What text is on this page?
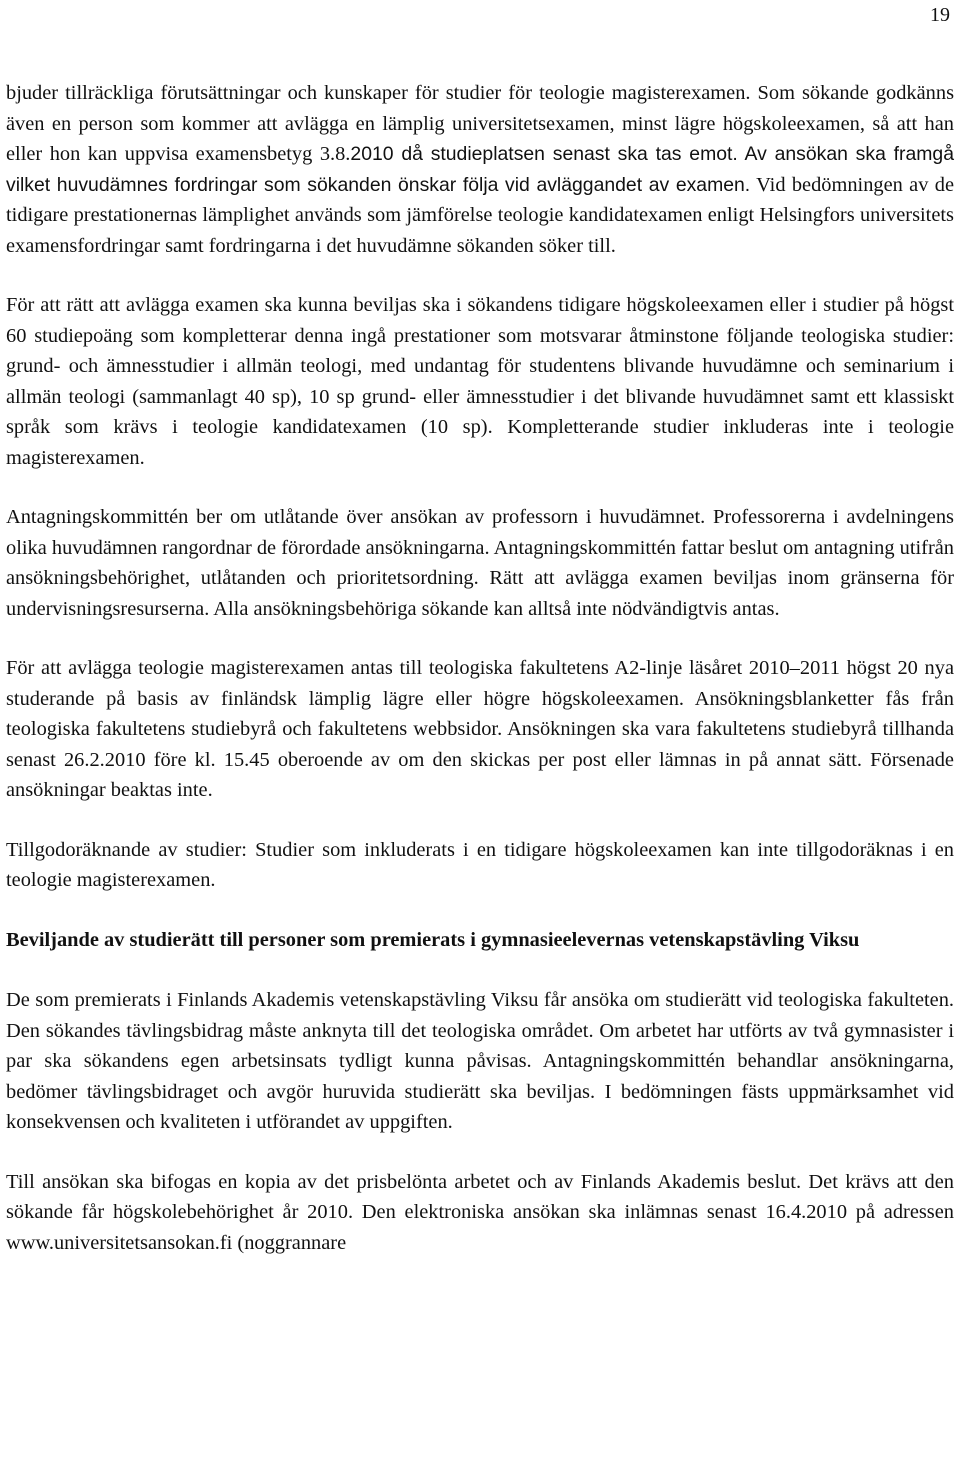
19

bjuder tillräckliga förutsättningar och kunskaper för studier för teologie magisterexamen. Som sökande godkänns även en person som kommer att avlägga en lämplig universitetsexamen, minst lägre högskoleexamen, så att han eller hon kan uppvisa examensbetyg 3.8.2010 då studieplatsen senast ska tas emot. Av ansökan ska framgå vilket huvudämnes fordringar som sökanden önskar följa vid avläggandet av examen. Vid bedömningen av de tidigare prestationernas lämplighet används som jämförelse teologie kandidatexamen enligt Helsingfors universitets examensfordringar samt fordringarna i det huvudämne sökanden söker till.

För att rätt att avlägga examen ska kunna beviljas ska i sökandens tidigare högskoleexamen eller i studier på högst 60 studiepoäng som kompletterar denna ingå prestationer som motsvarar åtminstone följande teologiska studier: grund- och ämnesstudier i allmän teologi, med undantag för studentens blivande huvudämne och seminarium i allmän teologi (sammanlagt 40 sp), 10 sp grund- eller ämnesstudier i det blivande huvudämnet samt ett klassiskt språk som krävs i teologie kandidatexamen (10 sp). Kompletterande studier inkluderas inte i teologie magisterexamen.

Antagningskommittén ber om utlåtande över ansökan av professorn i huvudämnet. Professorerna i avdelningens olika huvudämnen rangordnar de förordade ansökningarna. Antagningskommittén fattar beslut om antagning utifrån ansökningsbehörighet, utlåtanden och prioritetsordning. Rätt att avlägga examen beviljas inom gränserna för undervisningsresurserna. Alla ansökningsbehöriga sökande kan alltså inte nödvändigtvis antas.

För att avlägga teologie magisterexamen antas till teologiska fakultetens A2-linje läsåret 2010–2011 högst 20 nya studerande på basis av finländsk lämplig lägre eller högre högskoleexamen. Ansökningsblanketter fås från teologiska fakultetens studiebyrå och fakultetens webbsidor. Ansökningen ska vara fakultetens studiebyrå tillhanda senast 26.2.2010 före kl. 15.45 oberoende av om den skickas per post eller lämnas in på annat sätt. Försenade ansökningar beaktas inte.

Tillgodoräknande av studier: Studier som inkluderats i en tidigare högskoleexamen kan inte tillgodoräknas i en teologie magisterexamen.

Beviljande av studierätt till personer som premierats i gymnasieelevernas vetenskapstävling Viksu

De som premierats i Finlands Akademis vetenskapstävling Viksu får ansöka om studierätt vid teologiska fakulteten. Den sökandes tävlingsbidrag måste anknyta till det teologiska området. Om arbetet har utförts av två gymnasister i par ska sökandens egen arbetsinsats tydligt kunna påvisas. Antagningskommittén behandlar ansökningarna, bedömer tävlingsbidraget och avgör huruvida studierätt ska beviljas. I bedömningen fästs uppmärksamhet vid konsekvensen och kvaliteten i utförandet av uppgiften.

Till ansökan ska bifogas en kopia av det prisbelönta arbetet och av Finlands Akademis beslut. Det krävs att den sökande får högskolebehörighet år 2010. Den elektroniska ansökan ska inlämnas senast 16.4.2010 på adressen www.universitetsansokan.fi (noggrannare
